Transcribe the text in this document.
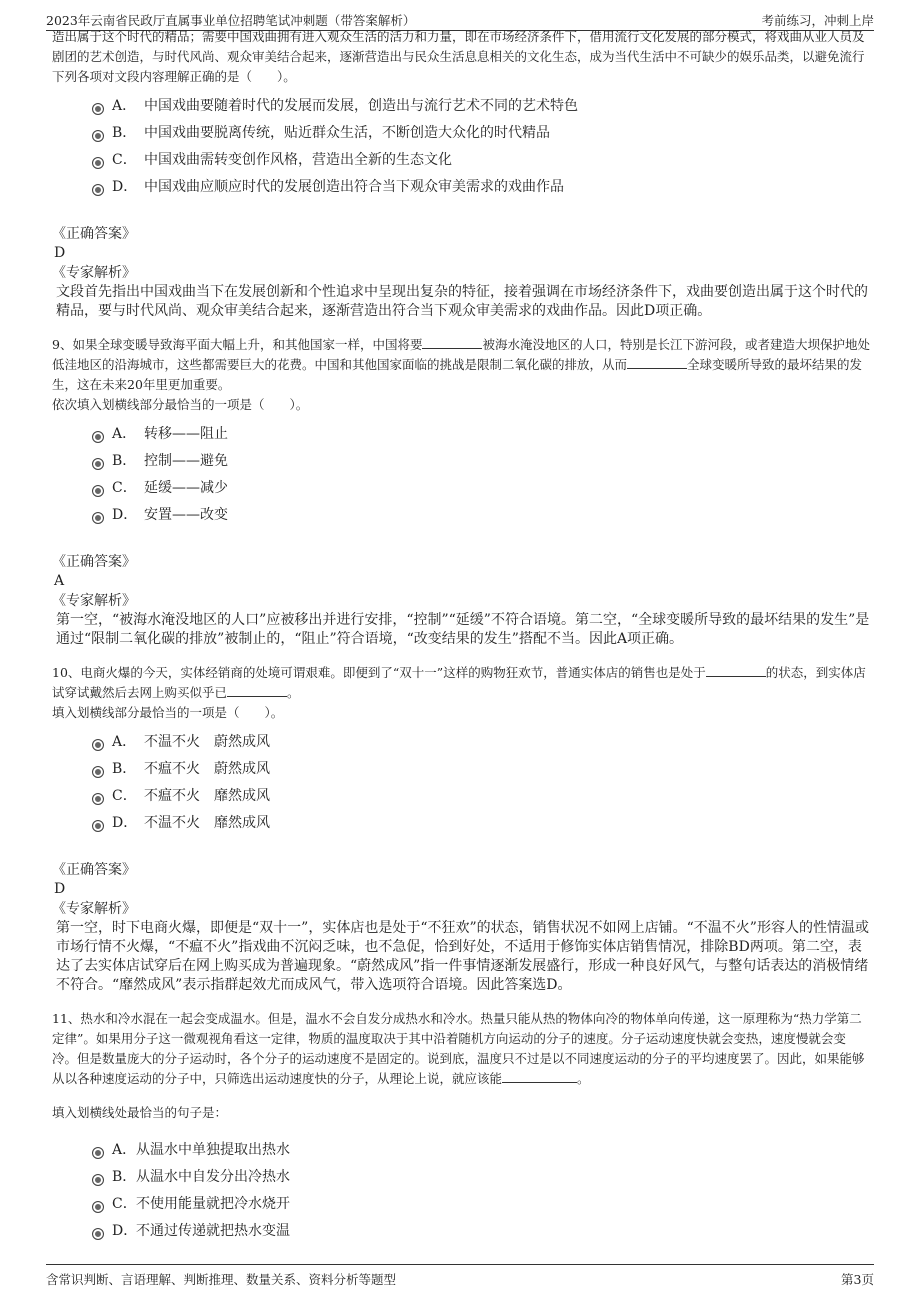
2023年云南省民政厅直属事业单位招聘笔试冲刺题（带答案解析）	考前练习，冲刺上岸

造出属于这个时代的精品；需要中国戏曲拥有进入观众生活的活力和力量，即在市场经济条件下，借用流行文化发展的部分模式，将戏曲从业人员及剧团的艺术创造，与时代风尚、观众审美结合起来，逐渐营造出与民众生活息息相关的文化生态，成为当代生活中不可缺少的娱乐品类，以避免流行

下列各项对文段内容理解正确的是（　　）。

A． 中国戏曲要随着时代的发展而发展，创造出与流行艺术不同的艺术特色
B． 中国戏曲要脱离传统，贴近群众生活，不断创造大众化的时代精品
C． 中国戏曲需转变创作风格，营造出全新的生态文化
D． 中国戏曲应顺应时代的发展创造出符合当下观众审美需求的戏曲作品

《正确答案》

D

《专家解析》

文段首先指出中国戏曲当下在发展创新和个性追求中呈现出复杂的特征，接着强调在市场经济条件下，戏曲要创造出属于这个时代的精品，要与时代风尚、观众审美结合起来，逐渐营造出符合当下观众审美需求的戏曲作品。因此D项正确。

9、如果全球变暖导致海平面大幅上升，和其他国家一样，中国将要	被海水淹没地区的人口，特别是长江下游河段，或者建造大坝保护地处低洼地区的沿海城市，这些都需要巨大的花费。中国和其他国家面临的挑战是限制二氧化碳的排放，从而	全球变暖所导致的最坏结果的发生，这在未来20年里更加重要。

依次填入划横线部分最恰当的一项是（　　）。

A． 转移——阻止
B． 控制——避免
C． 延缓——减少
D． 安置——改变

《正确答案》

A

《专家解析》

第一空，“被海水淹没地区的人口”应被移出并进行安排，“控制”“延缓”不符合语境。第二空，“全球变暖所导致的最坏结果的发生”是通过“限制二氧化碳的排放”被制止的，“阻止”符合语境，“改变结果的发生”搭配不当。因此A项正确。

10、电商火爆的今天，实体经销商的处境可谓艰难。即便到了“双十一”这样的购物狂欢节，普通实体店的销售也是处于	的状态，到实体店试穿试戴然后去网上购买似乎已	。

填入划横线部分最恰当的一项是（　　）。

A． 不温不火　蔚然成风
B． 不瘟不火　蔚然成风
C． 不瘟不火　靡然成风
D． 不温不火　靡然成风

《正确答案》

D

《专家解析》

第一空，时下电商火爆，即便是“双十一”，实体店也是处于“不狂欢”的状态，销售状况不如网上店铺。“不温不火”形容人的性情温或市场行情不火爆，“不瘟不火”指戏曲不沉闷乏味，也不急促，恰到好处，不适用于修饰实体店销售情况，排除BD两项。第二空，表达了去实体店试穿后在网上购买成为普遍现象。“蔚然成风”指一件事情逐渐发展盛行，形成一种良好风气，与整句话表达的消极情绪不符合。“靡然成风”表示指群起效尤而成风气，带入选项符合语境。因此答案选D。

11、热水和冷水混在一起会变成温水。但是，温水不会自发分成热水和冷水。热量只能从热的物体向冷的物体单向传递，这一原理称为“热力学第二定律”。如果用分子这一微观视角看这一定律，物质的温度取决于其中沿着随机方向运动的分子的速度。分子运动速度快就会变热，速度慢就会变冷。但是数量庞大的分子运动时，各个分子的运动速度不是固定的。说到底，温度只不过是以不同速度运动的分子的平均速度罢了。因此，如果能够从以各种速度运动的分子中，只筛选出运动速度快的分子，从理论上说，就应该能	。

填入划横线处最恰当的句子是：

A． 从温水中单独提取出热水
B． 从温水中自发分出冷热水
C． 不使用能量就把冷水烧开
D．
不通过传递就把热水变温
含常识判断、言语理解、判断推理、数量关系、资料分析等题型	第3页
